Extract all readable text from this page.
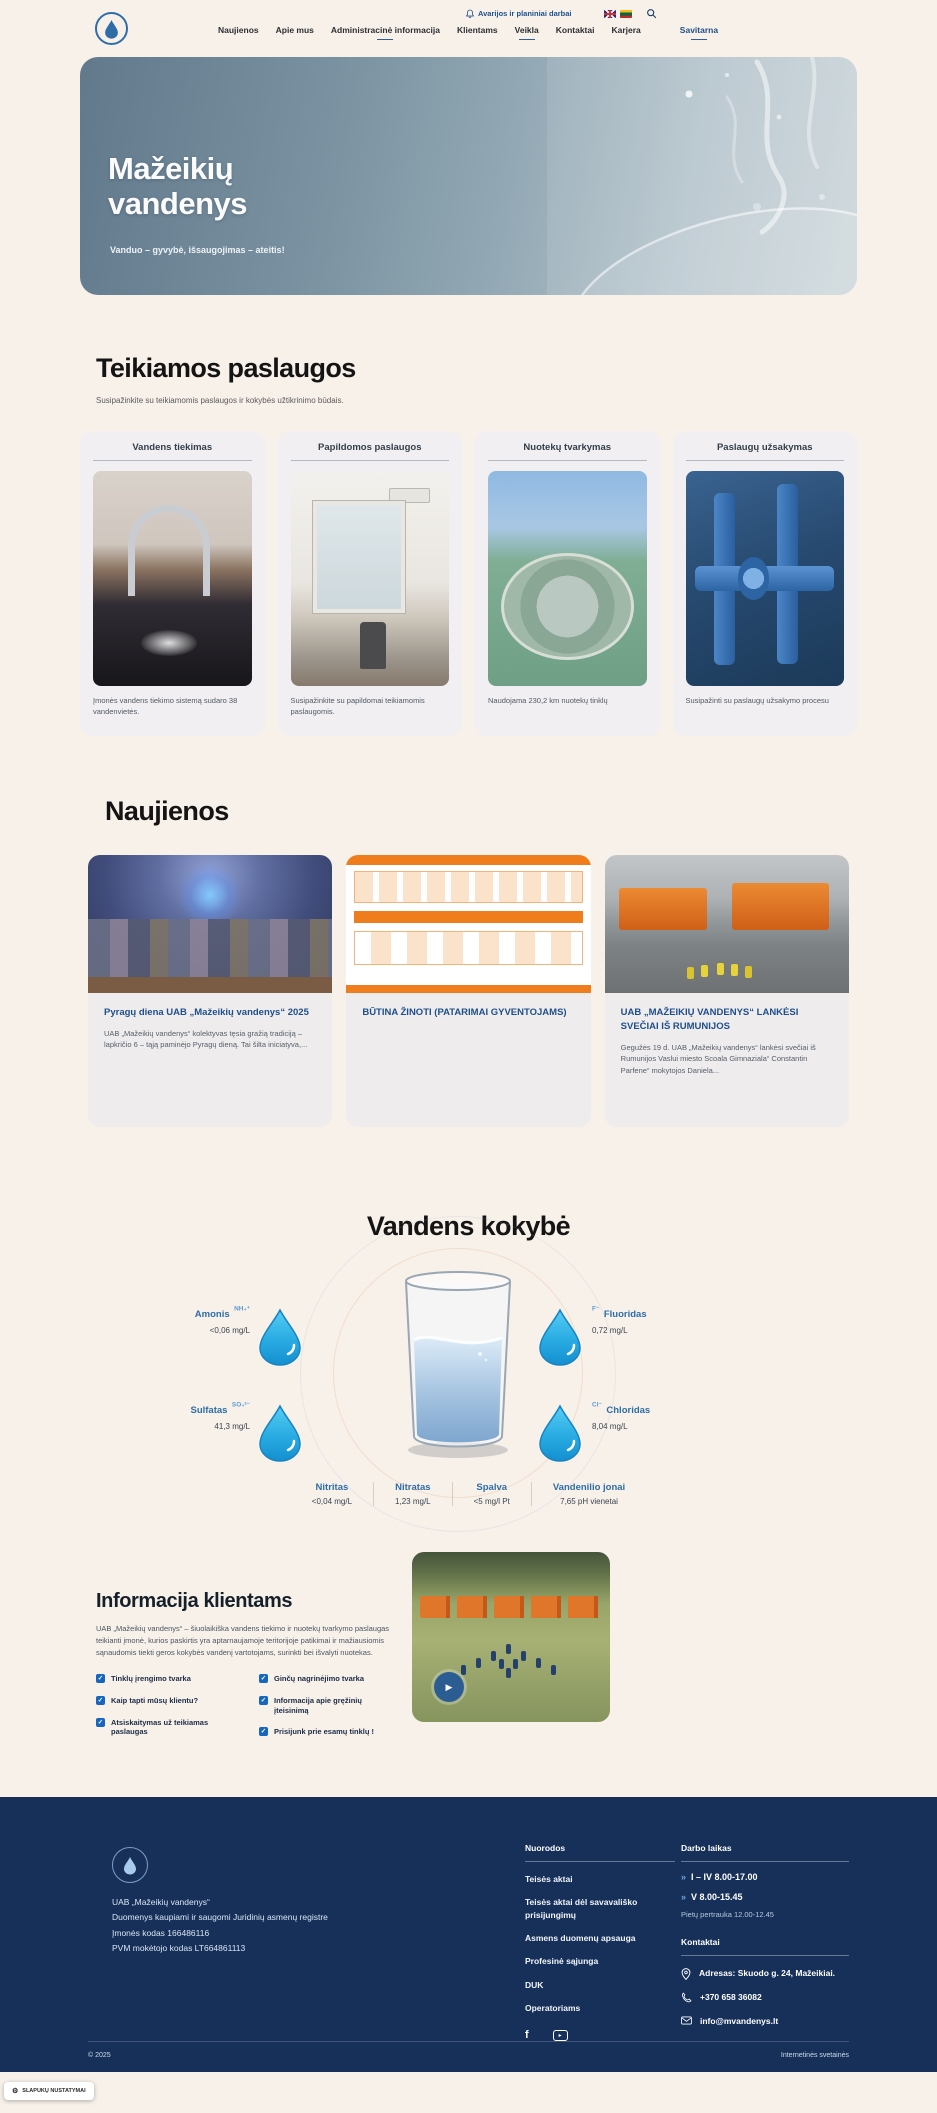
Avarijos ir planiniai darbai
Naujienos Apie mus Administracinė informacija Klientams Veikla Kontaktai Karjera	Savitarna
Mažeikių
vandenys
Vanduo – gyvybė, išsaugojimas – ateitis!
Teikiamos paslaugos
Susipažinkite su teikiamomis paslaugos ir kokybės užtikrinimo būdais.
Vandens tiekimas
Įmonės vandens tiekimo sistemą sudaro 38 vandenvietės.
Papildomos paslaugos
Susipažinkite su papildomai teikiamomis paslaugomis.
Nuotekų tvarkymas
Naudojama 230,2 km nuotekų tinklų
Paslaugų užsakymas
Susipažinti su paslaugų užsakymo procesu
Naujienos
Pyragų diena UAB „Mažeikių vandenys“ 2025
UAB „Mažeikių vandenys“ kolektyvas tęsia gražią tradiciją – lapkričio 6 – tąją paminėjo Pyragų dieną. Tai šilta iniciatyva,...
BŪTINA ŽINOTI (PATARIMAI GYVENTOJAMS)	UAB „MAŽEIKIŲ VANDENYS“ LANKĖSI SVEČIAI IŠ RUMUNIJOS
Gegužės 19 d. UAB „Mažeikių vandenys“ lankėsi svečiai iš Rumunijos Vaslui miesto Scoala Gimnaziala“ Constantin Parfene“ mokytojos Daniela...
Vandens kokybė
Amonis $^{NH_4^+}$
<0,06 mg/L
$^{F^-}$ Fluoridas
0,72 mg/L
Sulfatas $^{SO_4^{2-}}$
41,3 mg/L
$^{Cl^-}$ Chloridas
8,04 mg/L
Nitritas
<0,04 mg/L
Nitratas
1,23 mg/L
Spalva
<5 mg/l Pt
Vandenilio jonai
7,65 pH vienetai
Informacija klientams

UAB „Mažeikių vandenys“ – šiuolaikiška vandens tiekimo ir nuotekų tvarkymo paslaugas teikianti įmonė, kurios paskirtis yra aptarnaujamoje teritorijoje patikimai ir mažiausiomis sąnaudomis tiekti geros kokybės vandenį vartotojams, surinkti bei išvalyti nuotekas.

✓ Tinklų įrengimo tvarka
✓ Kaip tapti mūsų klientu?
✓ Atsiskaitymas už teikiamas paslaugas
✓ Ginčų nagrinėjimo tvarka
✓ Informacija apie gręžinių įteisinimą
✓ Prisijunk prie esamų tinklų !
▶
UAB „Mažeikių vandenys“
Duomenys kaupiami ir saugomi Juridinių asmenų registre
Įmonės kodas 166486116
PVM mokėtojo kodas LT664861113
Nuorodos
Teisės aktai
Teisės aktai dėl savavališko prisijungimų
Asmens duomenų apsauga
Profesinė sąjunga
DUK
Operatoriams
f	▸
Darbo laikas
» I – IV 8.00-17.00
» V 8.00-15.45
Pietų pertrauka 12.00-12.45
Kontaktai
Adresas: Skuodo g. 24, Mažeikiai.
+370 658 36082
info@mvandenys.lt
© 2025	Internetinės svetainės
⚙ SLAPUKŲ NUSTATYMAI
